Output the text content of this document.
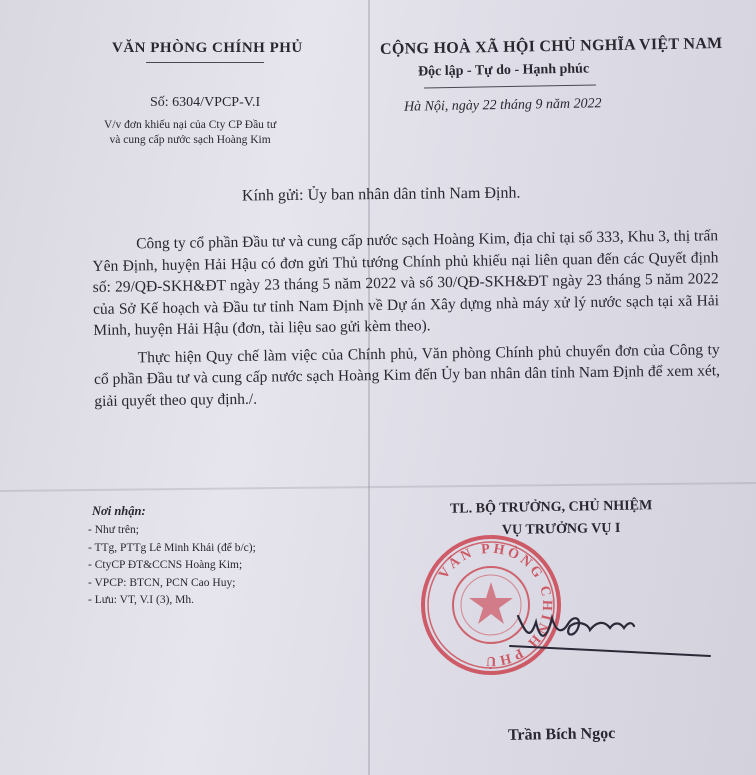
VĂN PHÒNG CHÍNH PHỦ
Số: 6304/VPCP-V.I
V/v đơn khiếu nại của Cty CP Đầu tư
và cung cấp nước sạch Hoàng Kim
CỘNG HOÀ XÃ HỘI CHỦ NGHĨA VIỆT NAM
Độc lập - Tự do - Hạnh phúc
Hà Nội, ngày 22 tháng 9 năm 2022
Kính gửi: Ủy ban nhân dân tỉnh Nam Định.

Công ty cổ phần Đầu tư và cung cấp nước sạch Hoàng Kim, địa chỉ tại số 333, Khu 3, thị trấn Yên Định, huyện Hải Hậu có đơn gửi Thủ tướng Chính phủ khiếu nại liên quan đến các Quyết định số: 29/QĐ-SKH&ĐT ngày 23 tháng 5 năm 2022 và số 30/QĐ-SKH&ĐT ngày 23 tháng 5 năm 2022 của Sở Kế hoạch và Đầu tư tỉnh Nam Định về Dự án Xây dựng nhà máy xử lý nước sạch tại xã Hải Minh, huyện Hải Hậu (đơn, tài liệu sao gửi kèm theo).

Thực hiện Quy chế làm việc của Chính phủ, Văn phòng Chính phủ chuyển đơn của Công ty cổ phần Đầu tư và cung cấp nước sạch Hoàng Kim đến Ủy ban nhân dân tỉnh Nam Định để xem xét, giải quyết theo quy định./.

Nơi nhận:
- Như trên;
- TTg, PTTg Lê Minh Khái (để b/c);
- CtyCP ĐT&CCNS Hoàng Kim;
- VPCP: BTCN, PCN Cao Huy;
- Lưu: VT, V.I (3), Mh.
TL. BỘ TRƯỞNG, CHỦ NHIỆM
VỤ TRƯỞNG VỤ I
VĂN PHÒNG CHÍNH PHỦ
Trần Bích Ngọc
